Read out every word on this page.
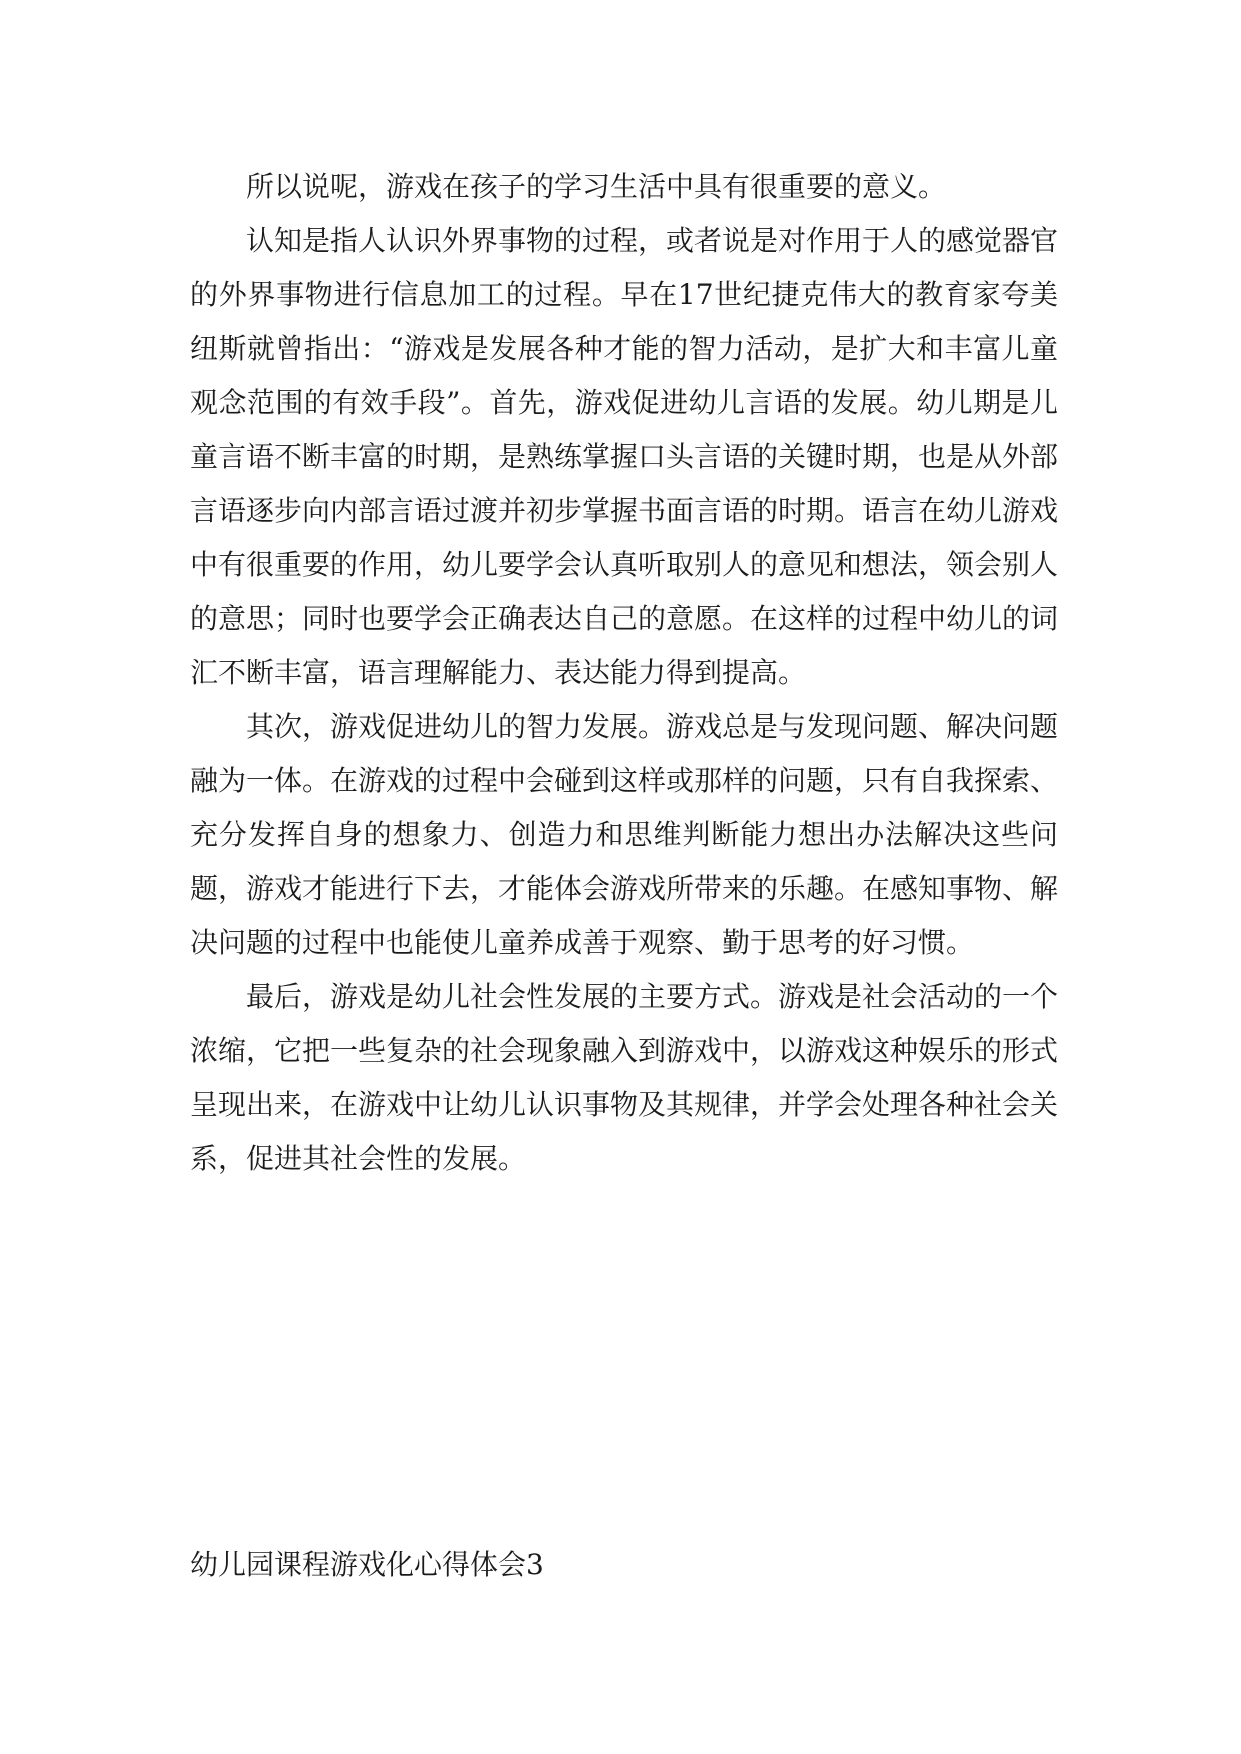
所以说呢，游戏在孩子的学习生活中具有很重要的意义。

认知是指人认识外界事物的过程，或者说是对作用于人的感觉器官的外界事物进行信息加工的过程。早在17世纪捷克伟大的教育家夸美纽斯就曾指出：“游戏是发展各种才能的智力活动，是扩大和丰富儿童观念范围的有效手段”。首先，游戏促进幼儿言语的发展。幼儿期是儿童言语不断丰富的时期，是熟练掌握口头言语的关键时期，也是从外部言语逐步向内部言语过渡并初步掌握书面言语的时期。语言在幼儿游戏中有很重要的作用，幼儿要学会认真听取别人的意见和想法，领会别人的意思；同时也要学会正确表达自己的意愿。在这样的过程中幼儿的词汇不断丰富，语言理解能力、表达能力得到提高。

其次，游戏促进幼儿的智力发展。游戏总是与发现问题、解决问题融为一体。在游戏的过程中会碰到这样或那样的问题，只有自我探索、充分发挥自身的想象力、创造力和思维判断能力想出办法解决这些问题，游戏才能进行下去，才能体会游戏所带来的乐趣。在感知事物、解决问题的过程中也能使儿童养成善于观察、勤于思考的好习惯。

最后，游戏是幼儿社会性发展的主要方式。游戏是社会活动的一个浓缩，它把一些复杂的社会现象融入到游戏中，以游戏这种娱乐的形式呈现出来，在游戏中让幼儿认识事物及其规律，并学会处理各种社会关系，促进其社会性的发展。

幼儿园课程游戏化心得体会3
